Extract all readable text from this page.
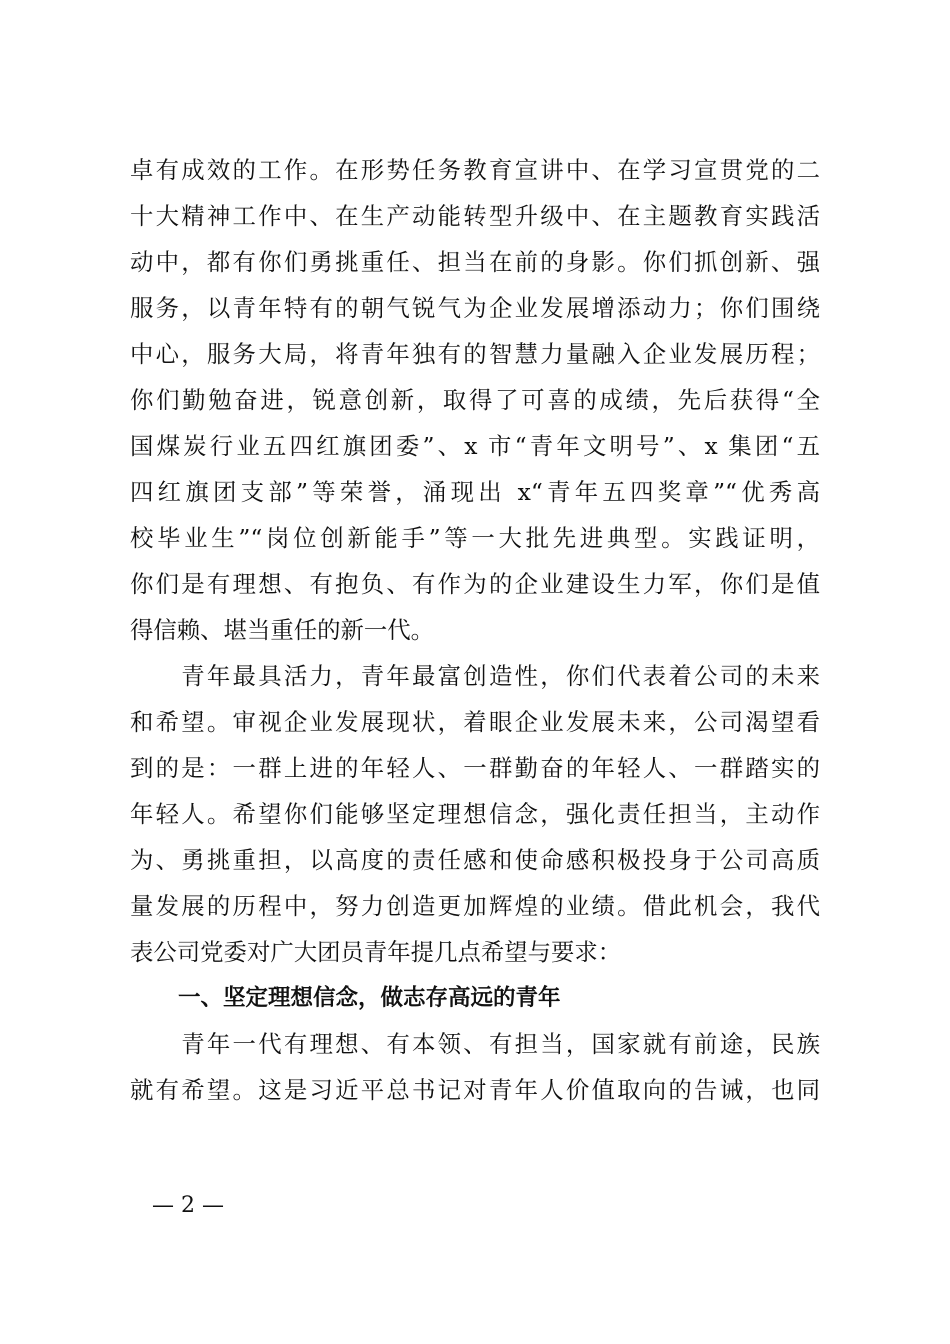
卓有成效的工作。在形势任务教育宣讲中、在学习宣贯党的二
十大精神工作中、在生产动能转型升级中、在主题教育实践活
动中，都有你们勇挑重任、担当在前的身影。你们抓创新、强
服务，以青年特有的朝气锐气为企业发展增添动力；你们围绕
中心，服务大局，将青年独有的智慧力量融入企业发展历程；
你们勤勉奋进，锐意创新，取得了可喜的成绩，先后获得“全
国煤炭行业五四红旗团委”、x 市“青年文明号”、x 集团“五
四红旗团支部”等荣誉，涌现出 x“青年五四奖章”“优秀高
校毕业生”“岗位创新能手”等一大批先进典型。实践证明，
你们是有理想、有抱负、有作为的企业建设生力军，你们是值
得信赖、堪当重任的新一代。
　　青年最具活力，青年最富创造性，你们代表着公司的未来
和希望。审视企业发展现状，着眼企业发展未来，公司渴望看
到的是：一群上进的年轻人、一群勤奋的年轻人、一群踏实的
年轻人。希望你们能够坚定理想信念，强化责任担当，主动作
为、勇挑重担，以高度的责任感和使命感积极投身于公司高质
量发展的历程中，努力创造更加辉煌的业绩。借此机会，我代
表公司党委对广大团员青年提几点希望与要求：
一、坚定理想信念，做志存高远的青年
　　青年一代有理想、有本领、有担当，国家就有前途，民族
就有希望。这是习近平总书记对青年人价值取向的告诫，也同
— 2 —
